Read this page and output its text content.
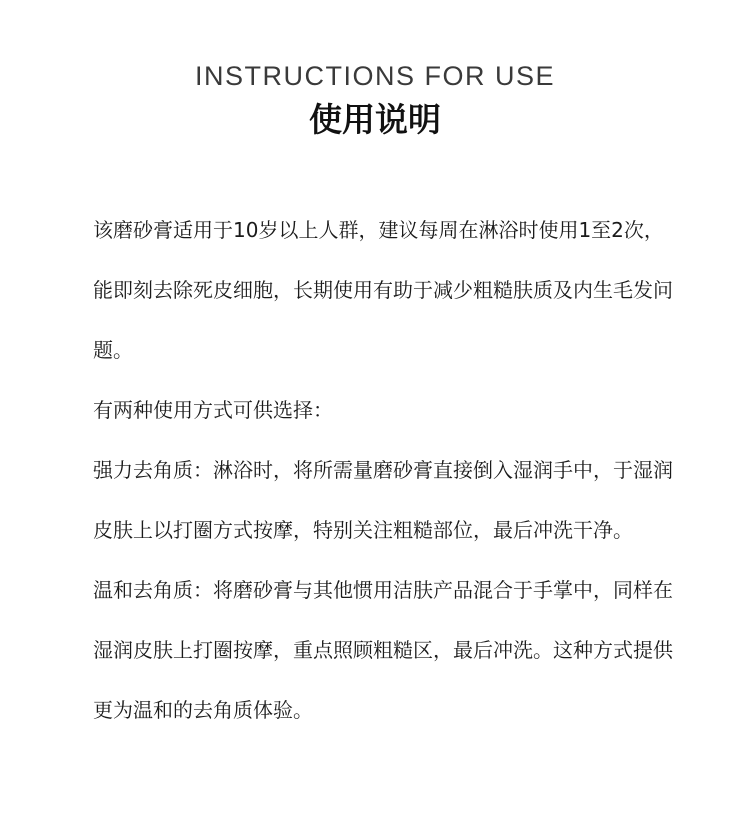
INSTRUCTIONS FOR USE
使用说明

该磨砂膏适用于10岁以上人群，建议每周在淋浴时使用1至2次，能即刻去除死皮细胞，长期使用有助于减少粗糙肤质及内生毛发问题。

有两种使用方式可供选择：

强力去角质：淋浴时，将所需量磨砂膏直接倒入湿润手中，于湿润皮肤上以打圈方式按摩，特别关注粗糙部位，最后冲洗干净。

温和去角质：将磨砂膏与其他惯用洁肤产品混合于手掌中，同样在湿润皮肤上打圈按摩，重点照顾粗糙区，最后冲洗。这种方式提供更为温和的去角质体验。
